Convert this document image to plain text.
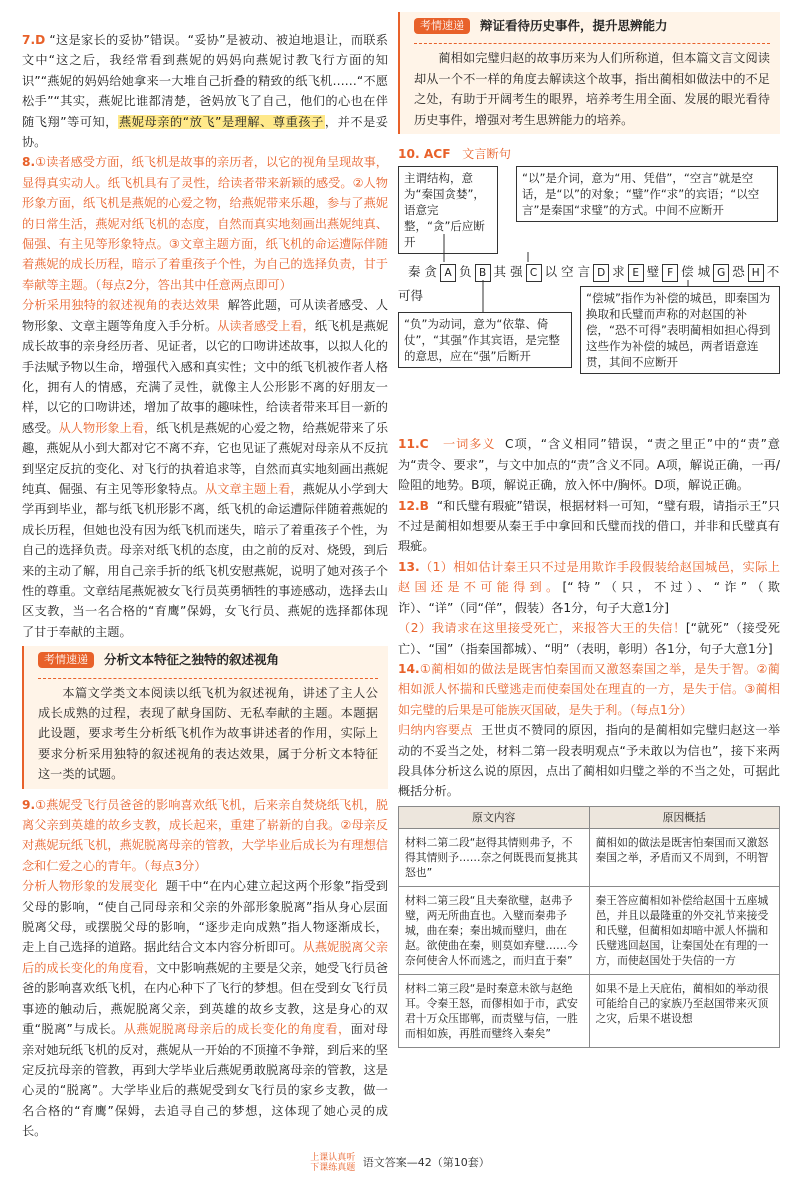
7.D “这是家长的妥协”错误。“妥协”是被动、被迫地退让，而联系文中“这之后，我经常看到燕妮的妈妈向燕妮讨教飞行方面的知识”“燕妮的妈妈给她拿来一大堆自己折叠的精致的纸飞机……“不愿松手”“其实，燕妮比谁都清楚，爸妈放飞了自己，他们的心也在伴随飞翔”等可知，燕妮母亲的“放飞”是理解、尊重孩子，并不是妥协。

8.①读者感受方面，纸飞机是故事的亲历者，以它的视角呈现故事，显得真实动人。纸飞机具有了灵性，给读者带来新颖的感受。②人物形象方面，纸飞机是燕妮的心爱之物，给燕妮带来乐趣，参与了燕妮的日常生活，燕妮对纸飞机的态度，自然而真实地刻画出燕妮纯真、倔强、有主见等形象特点。③文章主题方面，纸飞机的命运遭际伴随着燕妮的成长历程，暗示了着重孩子个性，为自己的选择负责，甘于奉献等主题。（每点2分，答出其中任意两点即可）

分析采用独特的叙述视角的表达效果 解答此题，可从读者感受、人物形象、文章主题等角度入手分析。从读者感受上看，纸飞机是燕妮成长故事的亲身经历者、见证者，以它的口吻讲述故事，以拟人化的手法赋予物以生命，增强代入感和真实性；文中的纸飞机被作者人格化，拥有人的情感，充满了灵性，就像主人公形影不离的好朋友一样，以它的口吻讲述，增加了故事的趣味性，给读者带来耳目一新的感受。从人物形象上看，纸飞机是燕妮的心爱之物，给燕妮带来了乐趣，燕妮从小到大都对它不离不弃，它也见证了燕妮对母亲从不反抗到坚定反抗的变化、对飞行的执着追求等，自然而真实地刻画出燕妮纯真、倔强、有主见等形象特点。从文章主题上看，燕妮从小学到大学再到毕业，都与纸飞机形影不离，纸飞机的命运遭际伴随着燕妮的成长历程，但她也没有因为纸飞机而迷失，暗示了着重孩子个性，为自己的选择负责。母亲对纸飞机的态度，由之前的反对、烧毁，到后来的主动了解，用自己亲手折的纸飞机安慰燕妮，说明了她对孩子个性的尊重。文章结尾燕妮被女飞行员英勇牺牲的事迹感动，选择去山区支教，当一名合格的“育鹰”保姆，女飞行员、燕妮的选择都体现了甘于奉献的主题。

考情速递	分析文本特征之独特的叙述视角

本篇文学类文本阅读以纸飞机为叙述视角，讲述了主人公成长成熟的过程，表现了献身国防、无私奉献的主题。本题据此设题，要求考生分析纸飞机作为故事讲述者的作用，实际上要求分析采用独特的叙述视角的表达效果，属于分析文本特征这一类的试题。

9.①燕妮受飞行员爸爸的影响喜欢纸飞机，后来亲自焚烧纸飞机，脱离父亲到英雄的故乡支教，成长起来，重建了崭新的自我。②母亲反对燕妮玩纸飞机，燕妮脱离母亲的管教，大学毕业后成长为有理想信念和仁爱之心的青年。（每点3分）

分析人物形象的发展变化 题干中“在内心建立起这两个形象”指受到父母的影响，“使自己同母亲和父亲的外部形象脱离”指从身心层面脱离父母，或摆脱父母的影响，“逐步走向成熟”指人物逐渐成长，走上自己选择的道路。据此结合文本内容分析即可。从燕妮脱离父亲后的成长变化的角度看，文中影响燕妮的主要是父亲，她受飞行员爸爸的影响喜欢纸飞机，在内心种下了飞行的梦想。但在受到女飞行员事迹的触动后，燕妮脱离父亲，到英雄的故乡支教，这是身心的双重“脱离”与成长。从燕妮脱离母亲后的成长变化的角度看，面对母亲对她玩纸飞机的反对，燕妮从一开始的不顶撞不争辩，到后来的坚定反抗母亲的管教，再到大学毕业后燕妮勇敢脱离母亲的管教，这是心灵的“脱离”。大学毕业后的燕妮受到女飞行员的家乡支教，做一名合格的“育鹰”保姆，去追寻自己的梦想，这体现了她心灵的成长。

考情速递	辩证看待历史事件，提升思辨能力

蔺相如完璧归赵的故事历来为人们所称道，但本篇文言文阅读却从一个不一样的角度去解读这个故事，指出蔺相如做法中的不足之处，有助于开阔考生的眼界，培养考生用全面、发展的眼光看待历史事件，增强对考生思辨能力的培养。

10. ACF 文言断句

主谓结构，意为“秦国贪婪”，语意完整，“贪”后应断开
“以”是介词，意为“用、凭借”，“空言”就是空话，是“以”的对象；“璧”作“求”的宾语；“以空言”是秦国“求璧”的方式。中间不应断开
秦 贪 A 负 B 其 强 C 以 空 言 D 求 E 璧 F 偿 城 G 恐 H 不
可得
“负”为动词，意为“依靠、倚仗”，“其强”作其宾语，是完整的意思，应在“强”后断开
“偿城”指作为补偿的城邑，即秦国为换取和氏璧而声称的对赵国的补偿，“恐不可得”表明蔺相如担心得到这些作为补偿的城邑，两者语意连贯，其间不应断开

11.C 一词多义 C项，“含义相同”错误，“责之里正”中的“责”意为“责令、要求”，与文中加点的“责”含义不同。A项，解说正确，一再/险阻的地势。B项，解说正确，放入怀中/胸怀。D项，解说正确。

12.B “和氏璧有瑕疵”错误，根据材料一可知，“璧有瑕，请指示王”只不过是蔺相如想要从秦王手中拿回和氏璧而找的借口，并非和氏璧真有瑕疵。

13.（1）相如估计秦王只不过是用欺诈手段假装给赵国城邑，实际上赵国还是不可能得到。[“特”（只，不过）、“诈”（欺诈）、“详”（同“佯”，假装）各1分，句子大意1分]

（2）我请求在这里接受死亡，来报答大王的失信！[“就死”（接受死亡）、“国”（指秦国都城）、“明”（表明，彰明）各1分，句子大意1分]

14.①蔺相如的做法是既害怕秦国而又激怒秦国之举，是失于智。②蔺相如派人怀揣和氏璧逃走而使秦国处在理直的一方，是失于信。③蔺相如完璧的后果是可能族灭国破，是失于利。（每点1分）

归纳内容要点 王世贞不赞同的原因，指向的是蔺相如完璧归赵这一举动的不妥当之处，材料二第一段表明观点“予未敢以为信也”，接下来两段具体分析这么说的原因，点出了蔺相如归璧之举的不当之处，可据此概括分析。

原文内容	原因概括
材料二第二段“赵得其情则弗予，不得其情则予……奈之何既畏而复挑其怒也”	蔺相如的做法是既害怕秦国而又激怒秦国之举，矛盾而又不周到，不明智
材料二第三段“且夫秦欲璧，赵弗予璧，两无所曲直也。入璧而秦弗予城，曲在秦；秦出城而璧归，曲在赵。欲使曲在秦，则莫如弃璧……今奈何使舍人怀而逃之，而归直于秦”	秦王答应蔺相如补偿给赵国十五座城邑，并且以最隆重的外交礼节来接受和氏璧，但蔺相如却暗中派人怀揣和氏璧逃回赵国，让秦国处在有理的一方，而使赵国处于失信的一方
材料二第三段“是时秦意未欲与赵绝耳。令秦王怒，而僇相如于市，武安君十万众压邯郸，而责璧与信，一胜而相如族，再胜而璧终入秦矣”	如果不是上天庇佑，蔺相如的举动很可能给自己的家族乃至赵国带来灭顶之灾，后果不堪设想
上课认真听
下课练真题 语文答案—42（第10套）
